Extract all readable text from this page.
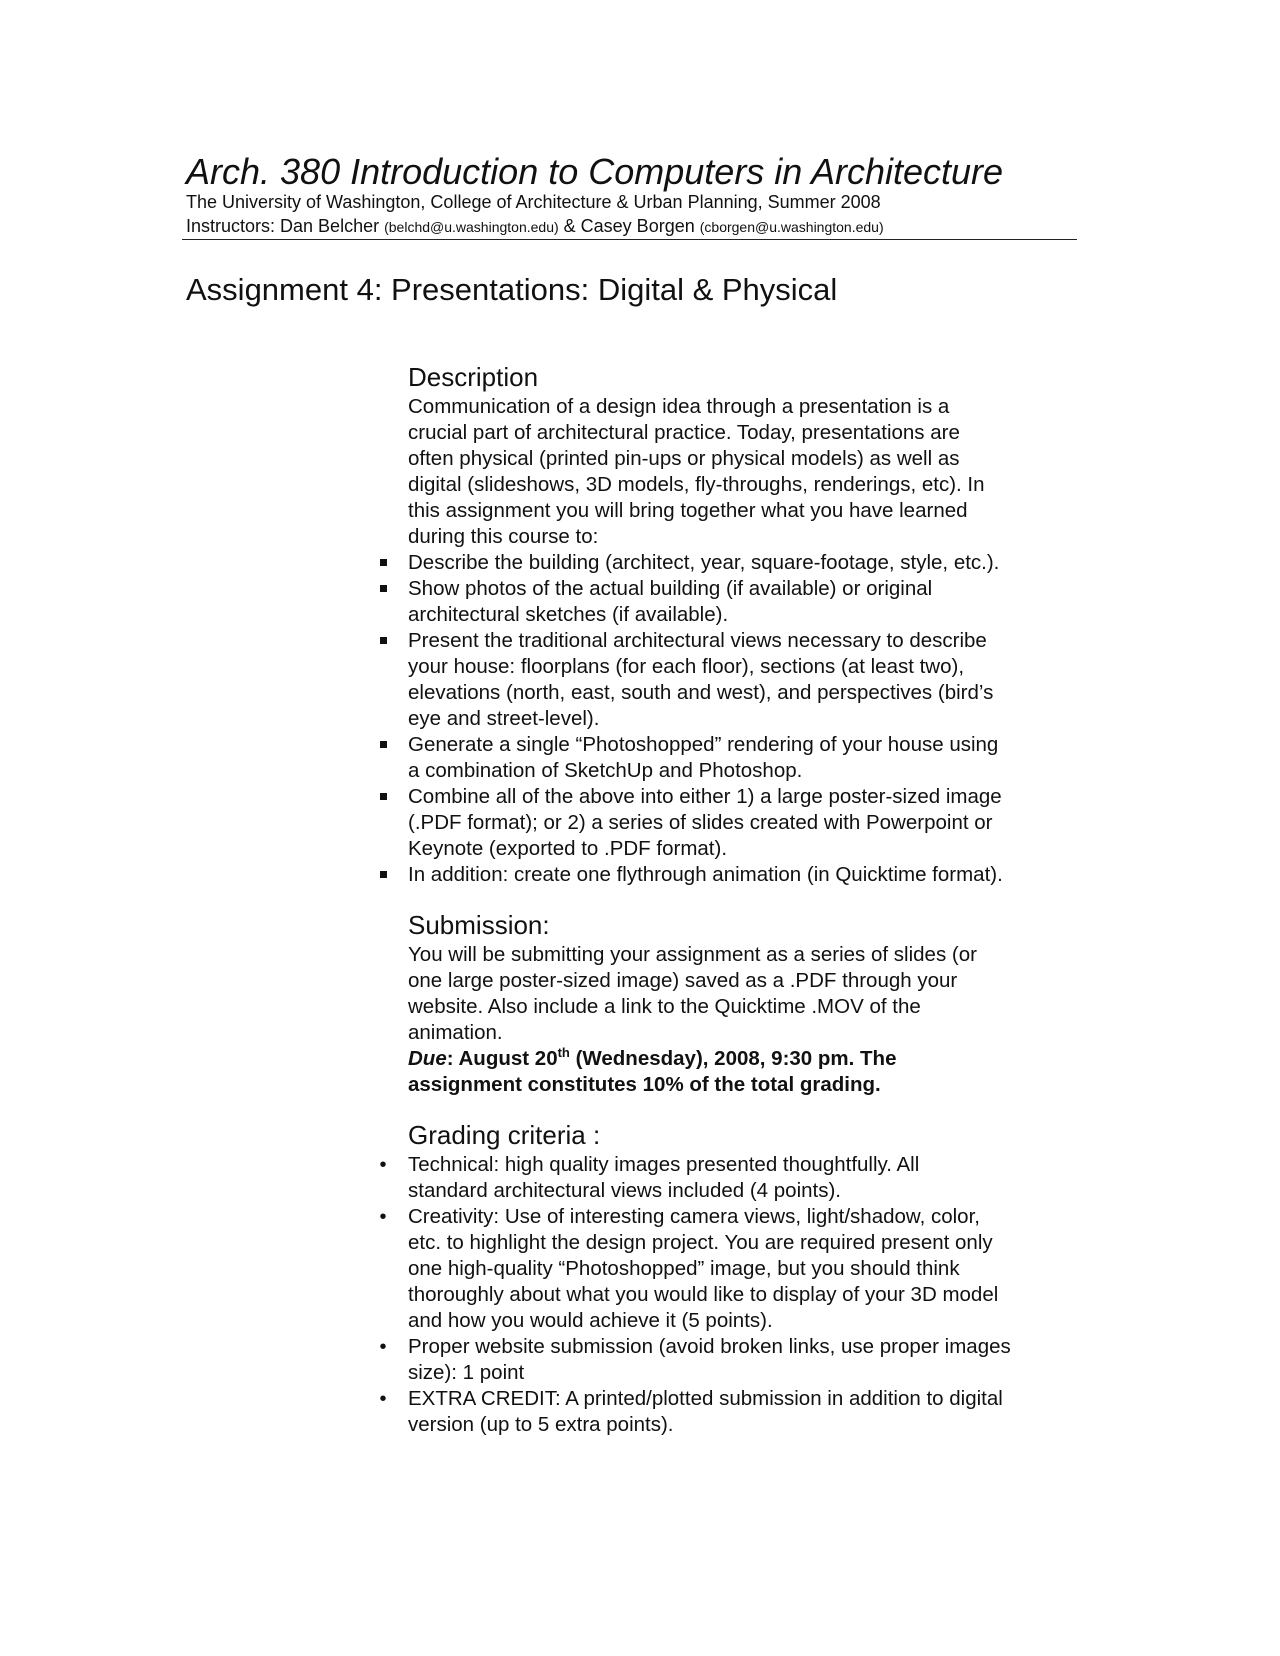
Arch. 380 Introduction to Computers in Architecture
The University of Washington, College of Architecture & Urban Planning, Summer 2008
Instructors: Dan Belcher (belchd@u.washington.edu) & Casey Borgen (cborgen@u.washington.edu)
Assignment 4: Presentations: Digital & Physical
Description
Communication of a design idea through a presentation is a
crucial part of architectural practice. Today, presentations are
often physical (printed pin-ups or physical models) as well as
digital (slideshows, 3D models, fly-throughs, renderings, etc). In
this assignment you will bring together what you have learned
during this course to:
Describe the building (architect, year, square-footage, style, etc.).
Show photos of the actual building (if available) or original
architectural sketches (if available).
Present the traditional architectural views necessary to describe
your house: floorplans (for each floor), sections (at least two),
elevations (north, east, south and west), and perspectives (bird’s
eye and street-level).
Generate a single “Photoshopped” rendering of your house using
a combination of SketchUp and Photoshop.
Combine all of the above into either 1) a large poster-sized image
(.PDF format); or 2) a series of slides created with Powerpoint or
Keynote (exported to .PDF format).
In addition: create one flythrough animation (in Quicktime format).
Submission:
You will be submitting your assignment as a series of slides (or
one large poster-sized image) saved as a .PDF through your
website. Also include a link to the Quicktime .MOV of the
animation.
Due: August 20th (Wednesday), 2008, 9:30 pm. The
assignment constitutes 10% of the total grading.
Grading criteria :
•	Technical: high quality images presented thoughtfully. All
standard architectural views included (4 points).
•	Creativity: Use of interesting camera views, light/shadow, color,
etc. to highlight the design project. You are required present only
one high-quality “Photoshopped” image, but you should think
thoroughly about what you would like to display of your 3D model
and how you would achieve it (5 points).
•	Proper website submission (avoid broken links, use proper images
size): 1 point
•	EXTRA CREDIT: A printed/plotted submission in addition to digital
version (up to 5 extra points).
